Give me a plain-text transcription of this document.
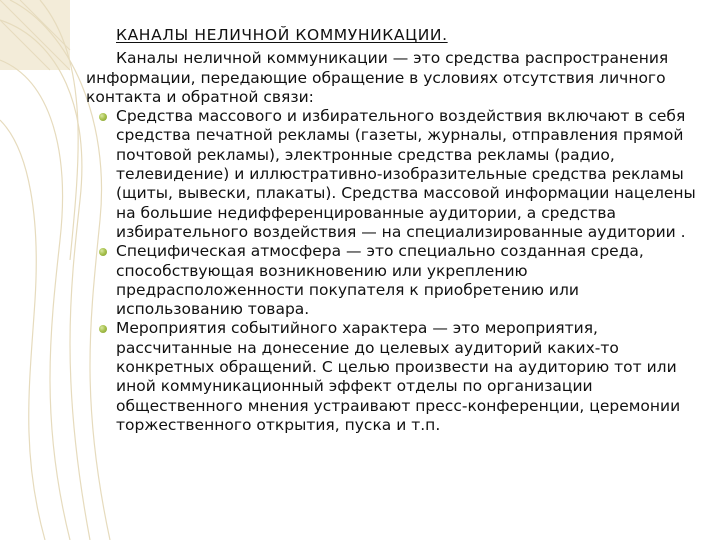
КАНАЛЫ НЕЛИЧНОЙ КОММУНИКАЦИИ.

Каналы неличной коммуникации — это средства распространения информации, передающие обращение в условиях отсутствия личного контакта и обратной связи:

Средства массового и избирательного воздействия включают в себя средства печатной рекламы (газеты, журналы, отправления прямой почтовой рекламы), электронные средства рекламы (радио, телевидение) и иллюстративно-изобразительные средства рекламы (щиты, вывески, плакаты). Средства массовой информации нацелены на большие недифференцированные аудитории, а средства избирательного воздействия — на специализированные аудитории .
Специфическая атмосфера — это специально созданная среда, способствующая возникновению или укреплению предрасположенности покупателя к приобретению или использованию товара.
Мероприятия событийного характера — это мероприятия, рассчитанные на донесение до целевых аудиторий каких-то конкретных обращений. С целью произвести на аудиторию тот или иной коммуникационный эффект отделы по организации общественного мнения устраивают пресс-конференции, церемонии торжественного открытия, пуска и т.п.
